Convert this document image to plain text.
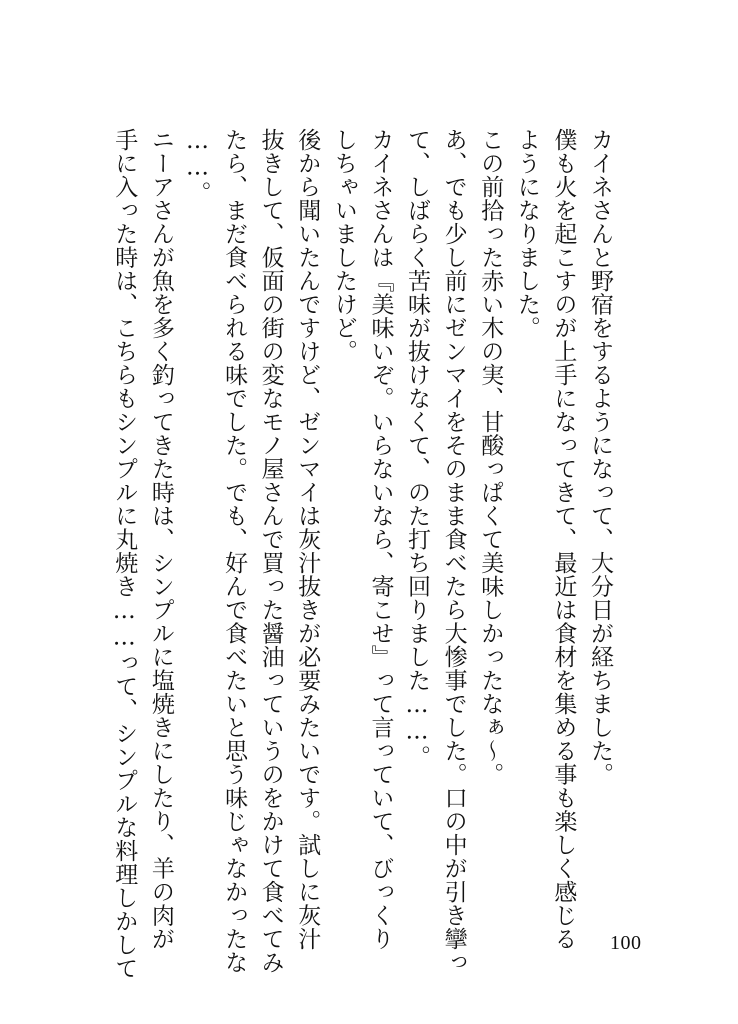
カイネさんと野宿をするようになって、大分日が経ちました。
僕も火を起こすのが上手になってきて、最近は食材を集める事も楽しく感じる
ようになりました。
この前拾った赤い木の実、甘酸っぱくて美味しかったなぁ〜。
あ、でも少し前にゼンマイをそのまま食べたら大惨事でした。口の中が引き攣っ
て、しばらく苦味が抜けなくて、のた打ち回りました……。
カイネさんは『美味いぞ。いらないなら、寄こせ』って言っていて、びっくり
しちゃいましたけど。
後から聞いたんですけど、ゼンマイは灰汁抜きが必要みたいです。試しに灰汁
抜きして、仮面の街の変なモノ屋さんで買った醤油っていうのをかけて食べてみ
たら、まだ食べられる味でした。でも、好んで食べたいと思う味じゃなかったな
……。
ニーアさんが魚を多く釣ってきた時は、シンプルに塩焼きにしたり、羊の肉が
手に入った時は、こちらもシンプルに丸焼き……って、シンプルな料理しかして	100
